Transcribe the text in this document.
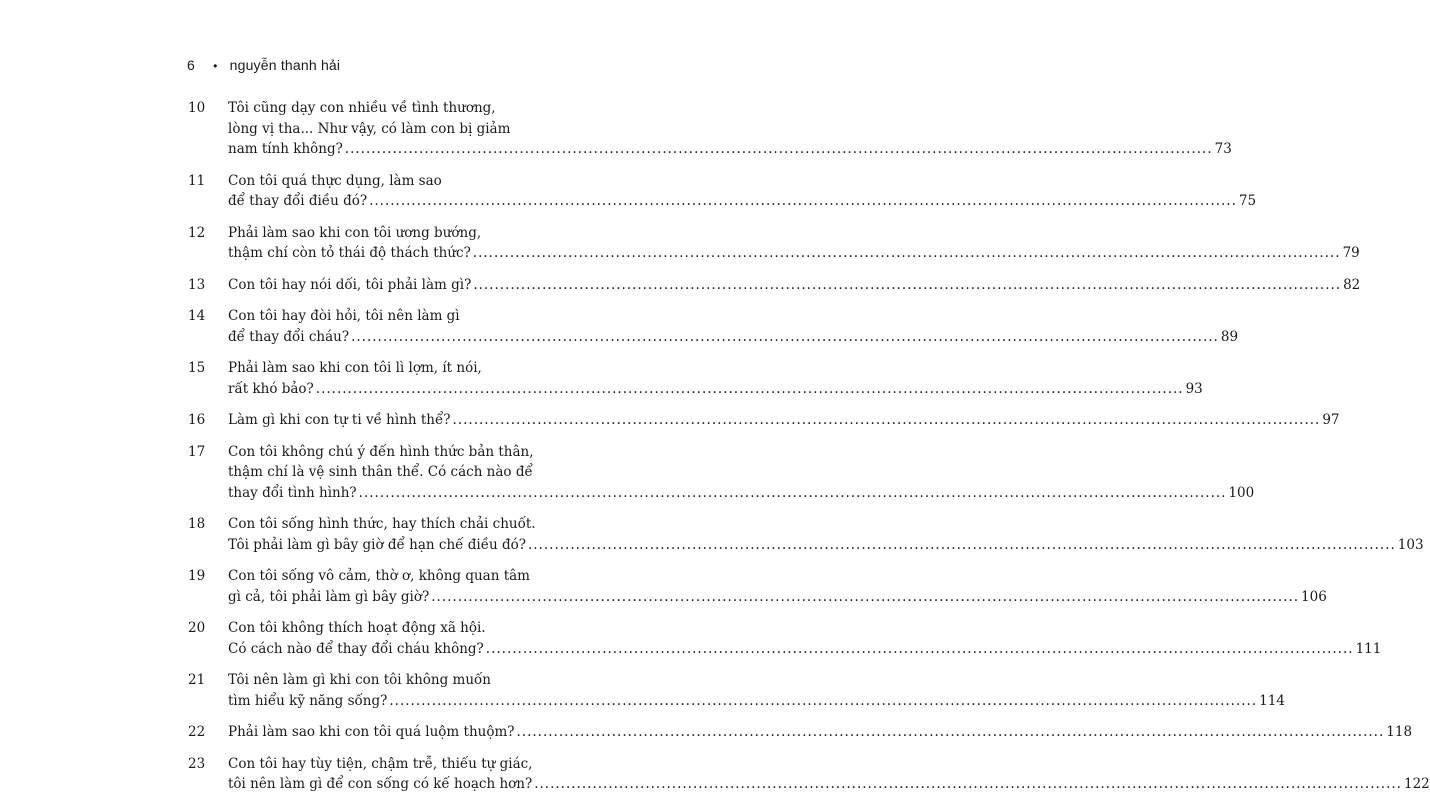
6 • nguyễn thanh hải
10	Tôi cũng dạy con nhiều về tình thương,
lòng vị tha... Như vậy, có làm con bị giảm
nam tính không? .....	73
11	Con tôi quá thực dụng, làm sao
để thay đổi điều đó? .....	75
12	Phải làm sao khi con tôi ương bướng,
thậm chí còn tỏ thái độ thách thức? .....	79
13	Con tôi hay nói dối, tôi phải làm gì? .....	82
14	Con tôi hay đòi hỏi, tôi nên làm gì
để thay đổi cháu? .....	89
15	Phải làm sao khi con tôi lì lợm, ít nói,
rất khó bảo? .....	93
16	Làm gì khi con tự ti về hình thể? .....	97
17	Con tôi không chú ý đến hình thức bản thân,
thậm chí là vệ sinh thân thể. Có cách nào để
thay đổi tình hình? .....	100
18	Con tôi sống hình thức, hay thích chải chuốt.
Tôi phải làm gì bây giờ để hạn chế điều đó? .....	103
19	Con tôi sống vô cảm, thờ ơ, không quan tâm
gì cả, tôi phải làm gì bây giờ? .....	106
20	Con tôi không thích hoạt động xã hội.
Có cách nào để thay đổi cháu không? .....	111
21	Tôi nên làm gì khi con tôi không muốn
tìm hiểu kỹ năng sống? .....	114
22	Phải làm sao khi con tôi quá luộm thuộm? .....	118
23	Con tôi hay tùy tiện, chậm trễ, thiếu tự giác,
tôi nên làm gì để con sống có kế hoạch hơn? .....	122
